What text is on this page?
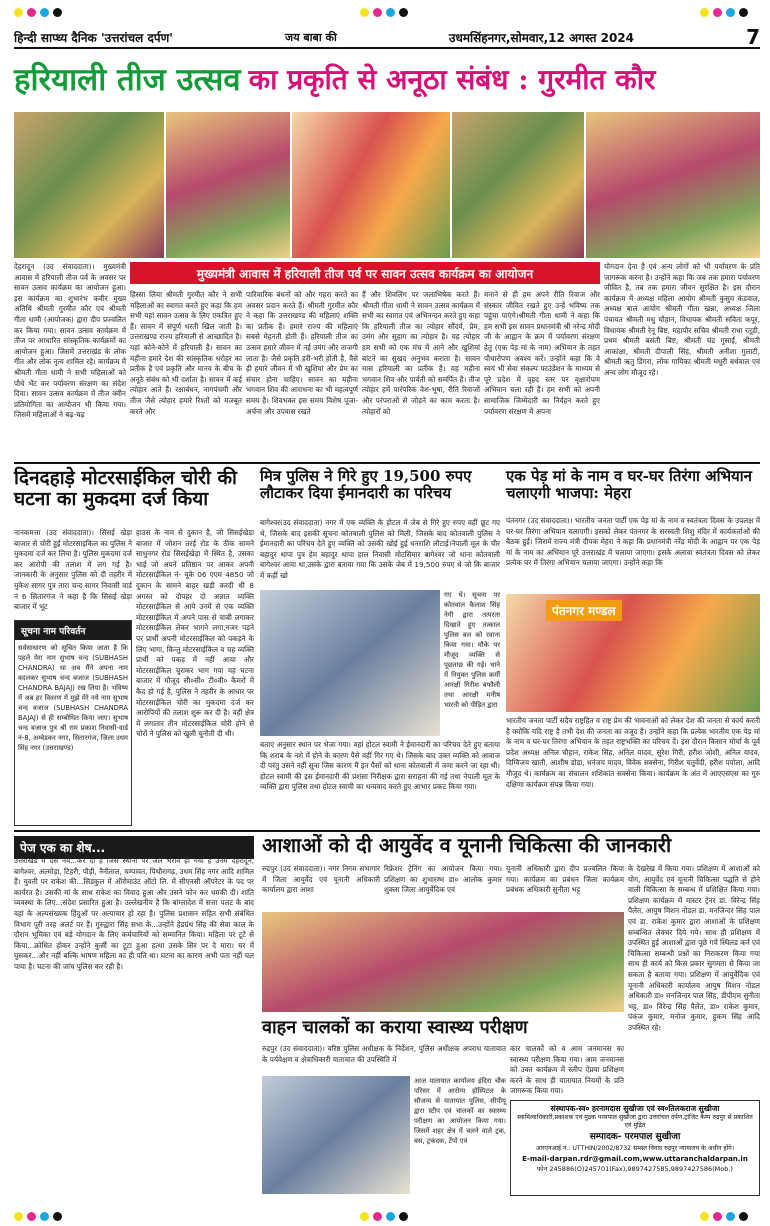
हिन्दी साप्ध्य दैनिक 'उत्तरांचल दर्पण'	जय बाबा की	उधमसिंहनगर,सोमवार,12 अगस्त 2024	7
हरियाली तीज उत्सव का प्रकृति से अनूठा संबंध : गुरमीत कौर
देहरादून (उद संवाददाता)। मुख्यमंत्री आवास में हरियाली तीज पर्व के अवसर पर सावन उत्सव कार्यक्रम का आयोजन हुआ। इस कार्यक्रम का शुभारंभ कवीर मुख्य अतिथि श्रीमती गुरमीत कौर एवं श्रीमती गीता धामी (आयोजक) द्वारा दीप प्रज्वलित कर किया गया। सावन उत्सव कार्यक्रम में तीज पर आधारित सांस्कृतिक कार्यक्रमों का आयोजन हुआ। जिसमें उत्तराखंड के लोक गीत और लोक नृत्य शामिल रहे। कार्यक्रम में श्रीमती गीता धामी ने सभी महिलाओं को पौधे भेंट कर पर्यावरण संरक्षण का संदेश दिया। सावन उत्सव कार्यक्रम में तीज क्वीन प्रतियोगिता का आयोजन भी किया गया। जिसमें महिलाओं ने बढ़-चढ़
मुख्यमंत्री आवास में हरियाली तीज पर्व पर सावन उत्सव कार्यक्रम का आयोजन
हिस्सा लिया श्रीमती गुरमीत कौर ने सभी महिलाओं का स्वागत करते हुए कहा कि हम सभी यहां सावन उत्सव के लिए एकत्रित हुए हैं। सावन में संपूर्ण धरती खिल जाती है। उत्तराखण्ड राज्य हरियाली से आच्छादित है। यहां कोने-कोने में हरियाली है। सावन का महीना हमारे देश की सांस्कृतिक धरोहर का प्रतीक है एवं प्रकृति और मानव के बीच के अनूठे संबंध को भी दर्शाता है। सावन में कई त्योहार आते हैं। रक्षाबंधन, नागपंचमी और तीज जैसे त्योहार हमारे रिश्तों को मजबूत करते और
पारिवारिक बंधनों को और गहरा करते का अवसर प्रदान करते हैं। श्रीमती गुरमीत कौर ने कहा कि उत्तराखण्ड की महिलाएं शक्ति का प्रतीक हैं। हमारे राज्य की महिलाएं सबसे मेहनती होती हैं। हरियाली तीज का उत्सव हमारे जीवन में नई उमंग और ताजगी लाता है। जैसे प्रकृति हरी-भरी होती है, वैसे ही हमारे जीवन में भी खुशियां और प्रेम का संचार होना चाहिए। सावन का महीना भगवान शिव की आराधना का भी महत्वपूर्ण समय है। शिवभक्त इस समय विशेष पूजा-अर्चना और उपवास रखते
हैं और शिवलिंग पर जलाभिषेक करते हैं। श्रीमती गीता धामी ने सावन उत्सव कार्यक्रम में सभी का स्वागत एवं अभिनन्दन करते हुए कहा कि हरियाली तीज का त्योहार सौंदर्य, प्रेम, उमंग और सुहाग का त्योहार है। यह त्योहार हम सभी को एक मंच में आने और खुशियां बांटने का सुखद अनुभव कराता है। सावन मास हरियाली का प्रतीक है। यह महीना भगवान शिव और पार्वती को समर्पित है। तीज त्योहार हमें पारंपरिक वेश-भूषा, रीति रिवाजों और परंपराओं से जोड़ने का काम करता है। त्योहारों को
मनाने से ही हम अपने रीति रिवाज और संस्कार जीवित रखते हुए उन्हें भविष्य तक पहुंचा पाएंगे।श्रीमती गीता धामी ने कहा कि हम सभी इस सावन प्रधानमंत्री श्री नरेन्द्र मोदी जी के आह्वान के क्रम में पर्यावरण संरक्षण हेतु (एक पेड़ मां के नाम) अभियान के तहत पौधारोपण अवश्य करें। उन्होंने कहा कि वे स्वयं भी सेवा संकल्प फाउंडेशन के माध्यम से पूरे प्रदेश में वृहद स्तर पर वृक्षारोपण अभियान चला रही हैं। हम सभी को अपनी सामाजिक जिम्मेदारी का निर्वहन करते हुए पर्यावरण संरक्षण में अपना
योगदान देना है एवं अन्य लोगों को भी पर्यावरण के प्रति जागरूक करना है। उन्होंने कहा कि जब तक हमारा पर्यावरण जीवित है, तब तक हमारा जीवन सुरक्षित है। इस दौरान कार्यक्रम में अध्यक्ष महिला आयोग श्रीमती कुसुम कंडवाल, अध्यक्ष बाल आयोग श्रीमती गीता खन्ना, अध्यक्ष जिला पंचायत श्रीमती मधु चौहान, विधायक श्रीमती सविता कपूर, विधायक श्रीमती रेनू बिष्ट, महापौर सचिव श्रीमती राधा रतूड़ी, प्रथम श्रीमती बसंती बिष्ट, श्रीमती चंद्र गुसाईं, श्रीमती आकांक्षा, श्रीमती दीपाली सिंह, श्रीमती अनीशा गुलाटी, श्रीमती ऋतु डिंगरा, लोक गायिका श्रीमती मधुरी बर्थवाल एवं अन्य लोग मौजूद रहे।
दिनदहाड़े मोटरसाईकिल चोरी की घटना का मुकदमा दर्ज किया
नानकमत्ता (उद संवाददाता)। सिसई खेड़ा बाजार से चोरी हुई मोटरसाइकिल का पुलिस ने मुकदमा दर्ज कर लिया है। पुलिस मुकदमा दर्ज कर आरोपी की तलाश में लग गई है। जानकारी के अनुसार पुलिस को दी तहरीर में मुकेश सागर पुत्र तारा चन्द सागर निवासी वार्ड नं 6 सितारगंज ने कहा है कि सिसई खेड़ा बाजार में भूट
हाउस के नाम से दुकान है, जो सिसईखेड़ा बाजार में जोशन तरई रोड के ठीक सामने साधुनगर रोड सिसईखेड़ा में स्थित है, उसका भाई जो अपने प्रतिष्ठान पर आकर अपनी मोटरसाईकिल नं- यूके 06 एएम 4850 जो दुकान के सामने बाहर खड़ी करदी थी 8 अगस्त को दोपहर दो अज्ञात व्यक्ति मोटरसाईकिल से आये उनमें से एक व्यक्ति मोटरसाईकिल में अपने पास से चाबी लगाकर मोटरसाईकिल लेकर भागने लगा,नजर पड़ने पर प्रार्थी अपनी मोटरसाईकिल को पकड़ने के लिए भागा, किन्तु मोटरसाईकिल व चह व्यक्ति प्रार्थी को पकड़ में नहीं आया और मोटरसाईकिल चुराकर भाग गया यह घटना बाजार में मौजूद सी०सी० टी०वी० कैमरों में कैद हो गई है, पुलिस ने तहरीर के आधार पर मोटरसाईकिल चोरी का मुकदमा दर्ज कर आरोपियों की तलाश शुरू कर दी है। वहीं क्षेत्र में लगातार तीन मोटरसाईकिल चोरी होने से चोरों ने पुलिस को खुली चुनौती दी थी।
सूचना नाम परिवर्तन
सर्वसाधारण को सूचित किया जाता है कि पहले मेरा नाम सुभाष चन्द (SUBHASH CHANDRA) था अब मैंने अपना नाम बदलकर सुभाष चन्द बजाज (SUBHASH CHANDRA BAJAJ) रख लिया है। भविष्य में अब हर विवरण में मुझे मेरे नये नाम सुभाष चन्द बजाज (SUBHASH CHANDRA BAJAJ) से ही सम्बोधित किया जाए। सुभाष चन्द बजाज पुत्र श्री राम प्रकाश निवासी-वार्ड नं-8, अम्बेडकर नगर, सितारगंज, जिला उधम सिंह नगर (उत्तराखण्ड)
मित्र पुलिस ने गिरे हुए 19,500 रुपए लौटाकर दिया ईमानदारी का परिचय
बागेश्वर(उद संवाददाता) नगर में एक व्यक्ति के होटल में जेब से गिरे हुए रुपए वहीं छूट गए थे, जिसके बाद इसकी सूचना कोतवाली पुलिस को मिली, जिसके बाद कोतवाली पुलिस ने ईमानदारी का परिचय देते हुए व्यक्ति को उसकी खोई हुई धनराशि लौटाई।नेपाली मूल के चीर बहादुर थापा पुत्र हेम बहादुर थापा हाल निवासी मोटसिमार बागेश्वर जो थाना कोतवाली बागेश्वर आया था,उसके द्वारा बताया गया कि उसके जेब में 19,500 रुपए थे जो कि बाजार में कहीं खो
गए थे। सूचना पर कोतवाल कैलाश सिंह नेगी द्वारा तत्परता दिखाते हुए तत्काल पुलिस बल को रवाना किया गया। मौके पर मौजूद व्यक्ति से पूछताछ की गई। थाने में नियुक्त पुलिस कर्मी आरक्षी गिरीश बफौली तथा आरक्षी मनीष भारती को पीड़ित द्वारा
बताए अनुसार स्थान पर भेजा गया। वहां होटल स्वामी ने ईमानदारी का परिचय देते हुए बताया कि शराब के नशे में होने के कारण पैसे वहीं गिर गए थे। जिसके बाद उक्त व्यक्ति को आवाज दी परंतु उसने नहीं सुना जिस कारण मैं इन पैसों को थाना कोतवाली में जमा करने जा रहा थी। होटल स्वामी की इस ईमानदारी की प्रशंसा निरीक्षक द्वारा सराहना की गई तथा नेपाली मूल के व्यक्ति द्वारा पुलिस तथा होटल स्वामी का धन्यवाद करते हुए आभार प्रकट किया गया।
एक पेड़ मां के नाम व घर-घर तिरंगा अभियान चलाएगी भाजपा: मेहरा
पंतनगर (उद संवाददाता)। भारतीय जनता पार्टी एक पेड़ मां के नाम व स्वतंत्रता दिवस के उपलक्ष में घर-घर तिरंगा अभियान चलाएगी। इसको लेकर पंतनगर के सरस्वती शिशु मंदिर में कार्यकर्ताओं की बैठक हुई। जिसमें राज्य मंत्री दीपक मेहरा ने कहा कि प्रधानमंत्री नरेंद्र मोदी के आह्वान पर एक पेड़ मां के नाम का अभियान पूरे उत्तराखंड में चलाया जाएगा। इसके अलावा स्वतंत्रता दिवस को लेकर प्रत्येक घर में तिरंगा अभियान चलाया जाएगा। उन्होंने कहा कि
पंतनगर मण्डल
भारतीय जनता पार्टी सदैव राष्ट्रहित व राष्ट्र प्रेम की भावनाओं को लेकर देश की जनता से कार्य करती है क्योंकि यदि राष्ट्र है तभी देश की जनता का वजूद है। उन्होंने कहा कि प्रत्येक भारतीय एक पेड़ मां के नाम व घर-घर तिरंगा अभियान के तहत राष्ट्रभक्ति का परिचय दें। इस दौरान किसान मोर्चा के पूर्व प्रदेश अध्यक्ष अनिल चौहान, राकेश सिंह, अनिल यादव, सुरेश गिरी, हरीश जोशी, अनिल यादव, दिग्विजय खाती, आशीष डोडा, धनंजय यादव, विवेक सक्सेना, गिरीश चतुर्वेदी, हरीश पपोला, आदि मौजूद थे। कार्यक्रम का संचालन शशिकांत सक्सेना किया। कार्यक्रम के अंत में आएएसएस का गुरु दक्षिणा कार्यक्रम संपन्न किया गया।
पेज एक का शेष...
उत्तराखंड में दस नये...कर दी है जिस स्थानों पर जल भराव हो गया है उनमें देहरादून, बागेश्वर, अल्मोड़ा, टिहरी, पौड़ी, नैनीताल, चम्पावत, पिथौरागढ़, उधम सिंह नगर आदि शामिल हैं। युवती पर राकेश की...सिडकुल में ऑरोमाउंट ऑटो लि. में सीएनसी ऑपरेटर के पद पर कार्यरत है। उसकी मां के साथ राकेश का विवाद हुआ और उसने फोन कर धमकी दी। शांति व्यवस्था के लिए...संदेश प्रसारित हुआ है। उल्लेखनीय है कि बांग्लादेश में सत्ता पलट के बाद वहां के अल्पसंख्यक हिंदुओं पर अत्याचार हो रहा है। पुलिस प्रशासन सहित सभी संबंधित विभाग पूरी तरह अलर्ट पर हैं। गुरुद्वारा सिंह सभा के...उन्होंने हेडग्रंथ सिंह की सेवा काल के दौरान भूमिका एवं बड़े योगदान के लिए कर्मचारियों को सम्मानित किया। महिला पर टूटे से किया...क्रोधित होकर उन्होंने कुर्सी का टूटा हुआ हत्था उसके सिर पर दे मारा। घर में घुसकर...और नहीं बल्कि भाषण महिला का ही पति था। घटना का कारण अभी पता नहीं चल पाया है। घटना की जांच पुलिस कर रही है।
आशाओं को दी आयुर्वेद व यूनानी चिकित्सा की जानकारी
रुद्रपुर (उद संवाददाता)। नगर निगम सभागार में जिला आयुर्वेद एवं यूनानी अधिकारी कार्यालय द्वारा आशा
रिफ्रेशर ट्रेनिंग का आयोजन किया गया। प्रशिक्षण का शुभारम्भ डा० आलोक कुमार शुक्ला जिला आयुर्वेदिक एवं
यूनानी अधिकारी द्वारा दीप प्रज्वलित किया गया। कार्यक्रम का प्रबंधन जिला कार्यक्रम प्रबंधक अधिकारी सुनीता भट्ट
के देखरेख में किया गया। प्रशिक्षण में आशाओं को योग, आयुर्वेद एवं यूनानी चिकित्सा पद्धति से होने वाली चिकित्सा के सम्बन्ध में प्रशिक्षित किया गया। प्रशिक्षण कार्यक्रम में मास्टर ट्रेनर डा. विरेन्द्र सिंह पैलेत, आयुष मिशन नोडल डा. मनजिन्दर सिंह पाल एवं डा. राकेश कुमार द्वारा आशाओं के प्रशिक्षण सम्बन्धित लेक्चर दिये गये। साथ ही प्रशिक्षण में उपस्थित हुई आशाओं द्वारा पूछे गये स्थिलड कर्न एवं चिकित्सा सम्बन्धी प्रश्नों का निराकरण किया गया साथ ही कार्य को किस प्रकार सुगमता से किया जा सकता है बताया गया। प्रशिक्षण में आयुर्वेदिक एवं यूनानी अधिकारी कार्यालय आयुष मिशन नोडल अधिकारी डा० मनजिन्दर पाल सिंह, डीपीएम सुनीता भट्ट, डा० विरेन्द्र सिंह पैलेत, डा० राकेश कुमार, पंकज कुमार, मनोज कुमार, हुकम सिंह आदि उपस्थित रहे।
वाहन चालकों का कराया स्वास्थ्य परीक्षण
रुद्रपुर (उद संवाददाता)। वरिष्ठ पुलिस अधीक्षक के निर्देशन, पुलिस अधीक्षक अपराध यातायात के पर्यवेक्षण व क्षेत्राधिकारी यातायात की उपस्थिति में
आज यातायात कार्यालय इंदिरा चौक परिसर में आरोग्य हॉस्पिटल के सौजन्य से यातायात पुलिस, सीपीयू द्वारा स्टीप एवं चालकों का स्वास्थ्य परीक्षण का आयोजन किया गया। जिसमें शहर क्षेत्र में चलने वाले ट्रक, बस, ट्रकंदक, टेंपो एवं
कार चालकों को व आम जनमानस का स्वास्थ्य परीक्षण किया गया। आम जनमानस को उक्त कार्यक्रम में स्लीप ऐप्नया प्रशिक्षण करने के साथ ही यातायात नियमों के प्रति जागरूक किया गया।
संस्थापक-स्व० हरनामदास सुखीजा एवं स्व०तिलकराज सुखीजा
स्वामित्वाधिकारी,प्रकाशक एवं मुद्रक परमपाल सुखीजा द्वारा उत्तरांचल दर्पण,ट्रांजिट कैम्प रुद्रपुर से प्रकाशित एवं मुद्रित
सम्पादक- परमपाल सुखीजा
आरएनआई नं.: UTTHIN/2002/8732 समस्त विवाद रुद्रपुर न्यायालय के अधीन होंगे।
E-mail-darpan.rdr@gmail.com,www.uttaranchaldarpan.in
फोन 245886(O)245701(Fax),9897427585,9897427586(Mob.)
